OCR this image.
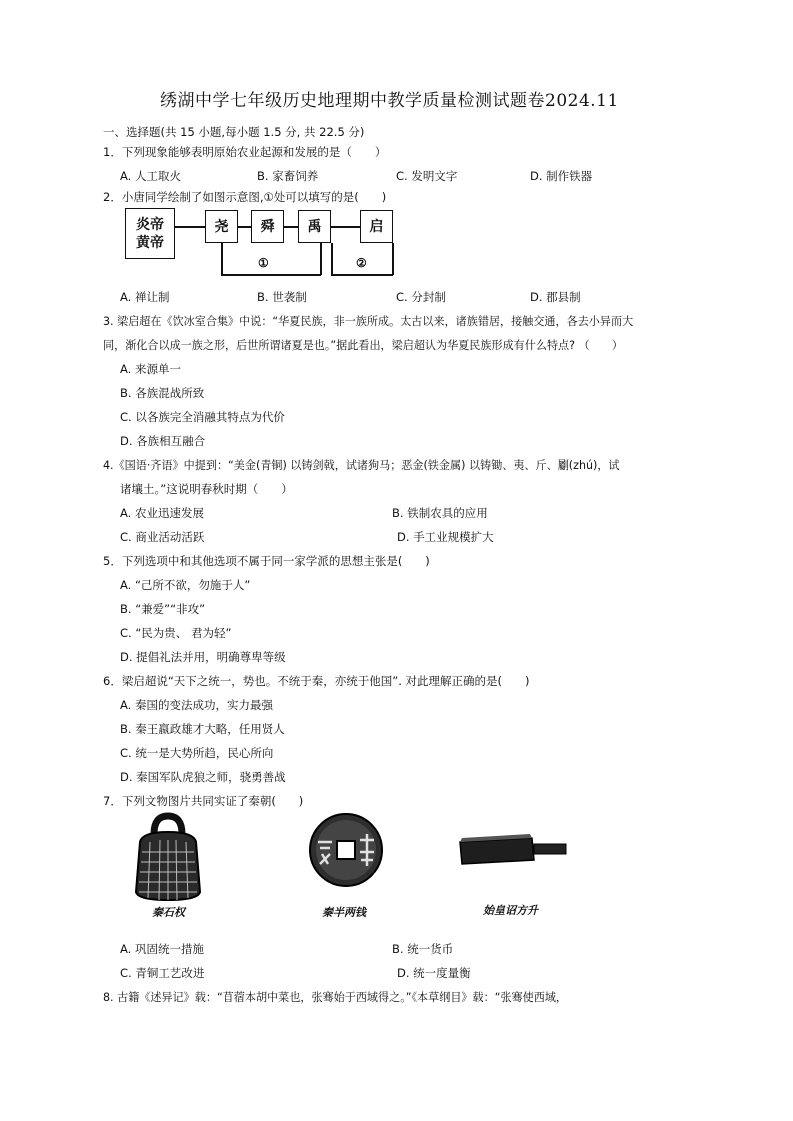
绣湖中学七年级历史地理期中教学质量检测试题卷2024.11
一、选择题(共 15 小题,每小题 1.5 分, 共 22.5 分)
1．下列现象能够表明原始农业起源和发展的是（　　）
A. 人工取火	B. 家畜饲养	C. 发明文字	D. 制作铁器
2．小唐同学绘制了如图示意图,①处可以填写的是(　　)
炎帝
黄帝
尧 舜 禹	启
①	②
A. 禅让制	B. 世袭制	C. 分封制	D. 郡县制
3. 梁启超在《饮冰室合集》中说：“华夏民族，非一族所成。太古以来，诸族错居，接触交通，各去小异而大
同，渐化合以成一族之形，后世所谓诸夏是也。”据此看出，梁启超认为华夏民族形成有什么特点? （　　）
A. 来源单一
B. 各族混战所致
C. 以各族完全消融其特点为代价
D. 各族相互融合
4.《国语·齐语》中提到：“美金(青铜) 以铸剑戟，试诸狗马；恶金(铁金属) 以铸锄、夷、斤、劚(zhú)，试
诸壤土。”这说明春秋时期（　　）
A. 农业迅速发展	B. 铁制农具的应用
C. 商业活动活跃	D. 手工业规模扩大
5．下列选项中和其他选项不属于同一家学派的思想主张是(　　)
A. “己所不欲，勿施于人”
B. “兼爱”“非攻”
C. “民为贵、 君为轻”
D. 提倡礼法并用，明确尊卑等级
6．梁启超说“天下之统一，势也。不统于秦，亦统于他国”. 对此理解正确的是(　　)
A. 秦国的变法成功，实力最强
B. 秦王嬴政雄才大略，任用贤人
C. 统一是大势所趋，民心所向
D. 秦国军队虎狼之师，骁勇善战
7．下列文物图片共同实证了秦朝(　　)
秦石权	秦半两钱	始皇诏方升
A. 巩固统一措施	B. 统一货币
C. 青铜工艺改进	D. 统一度量衡
8. 古籍《述异记》载：“苜蓿本胡中菜也，张骞始于西域得之。”《本草纲目》载：“张骞使西域，
